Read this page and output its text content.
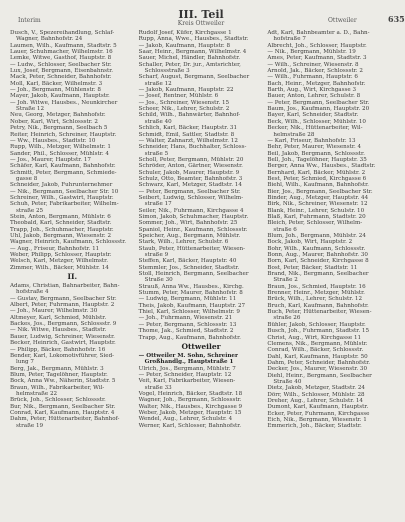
Interim	III. Teil
Kreis Ottweiler	Ottweiler	635
Dusch, V., Spezereihandlung, Schlaf-
Wagner, Bahnhofstr. 24
Laumen, Wilh., Kaufmann, Stadtstr. 5
Lauer, Schuhmacher, Wilhelmstr. 16
Lemke, Witwe, Gasthof, Hauptstr. 8
— Ludw., Schlosser, Seelbacher Str.
Lux, Josef, Bergmann, Eisenbahnstr.
Mack, Peter, Schneider, Bahnhofstr.
Moll, Karl, Bäcker, Wilhelmstr. 3
— Joh., Bergmann, Mühlenstr. 8
Mayer, Jakob, Kaufmann, Hauptstr.
— Joh. Witwe, Hausbes., Neunkircher
Straße 12
Neu, Georg, Metzger, Bahnhofstr.
Nober, Karl, Wirt, Schlossstr. 2
Petry, Nik., Bergmann, Seelbach 5
Reiter, Heinrich, Schreiner, Hauptstr.
— Ww., Hausbes., Stadtstr. 10
Rupp, Wilh., Metzger, Wilhelmstr. 1
Sander, Phil., Schlosser, Mühlstr. 4
— Jos., Maurer, Hauptstr. 17
Schäfer, Karl, Kaufmann, Bahnhofstr.
Schmitt, Peter, Bergmann, Schmiede-
gasse 8
Schneider, Jakob, Fuhrunternehmer
— Nik., Bergmann, Seelbacher Str. 10
Schreiner, Wilh., Gastwirt, Hauptstr.
Schuh, Peter, Fabrikarbeiter, Wilhelm-
straße 25
Stein, Anton, Bergmann, Mühlstr. 6
Theobald, Karl, Schneider, Stadtstr.
Trapp, Joh., Schuhmacher, Hauptstr.
Uhl, Jakob, Bergmann, Wiesenstr. 2
Wagner, Heinrich, Kaufmann, Schlossstr.
— Aug., Friseur, Bahnhofstr. 11
Weber, Philipp, Schlosser, Hauptstr.
Welsch, Karl, Metzger, Wilhelmstr.
Zimmer, Wilh., Bäcker, Mühlstr. 14
II.
Adams, Christian, Bahnarbeiter, Bahn-
hofstraße 4
— Gustav, Bergmann, Seelbacher Str.
Albert, Peter, Fuhrmann, Hauptstr. 2
— Joh., Maurer, Wilhelmstr. 30
Altmeyer, Karl, Schmied, Mühlstr.
Backes, Jos., Bergmann, Schlossstr. 9
— Nik. Witwe, Hausbes., Stadtstr.
Bauer, Ludwig, Schreiner, Wiesenstr.
Becker, Heinrich, Gastwirt, Hauptstr.
— Philipp, Bäcker, Bahnhofstr. 16
Bender, Karl, Lokomotivführer, Sied-
lung 7
Berg, Jak., Bergmann, Mühlstr. 3
Blum, Peter, Tagelöhner, Hauptstr.
Bock, Anna Ww., Näherin, Stadtstr. 5
Braun, Wilh., Fabrikarbeiter, Wil-
helmstraße 22
Brück, Joh., Schlosser, Schlossstr.
Bur, Nik., Bergmann, Seelbacher Str.
Conrad, Karl, Kaufmann, Hauptstr. 4
Dahm, Peter, Hüttenarbeiter, Bahnhof-
straße 19
Rudolf Josef, Küfer, Kirchgasse 1
Rupp, Anna, Wwe., Hausbes., Stadtstr.
— Jakob, Kaufmann, Hauptstr. 8
Saar, Heinr., Bergmann, Wilhelmstr. 4
Sauer, Michel, Händler, Bahnhofstr.
Schaller, Peter, Dr. jur., Amtsrichter,
Schlossstraße 3
Scharf, August, Bergmann, Seelbacher
straße 12
— Jakob, Kaufmann, Hauptstr. 22
— Josef, Rentner, Mühlstr. 6
— Jos., Schreiner, Wiesenstr. 15
Scheer, Nik., Lehrer, Schulstr. 2
Schild, Wilh., Bahnwärter, Bahnhof-
straße 40
Schlich, Karl, Bäcker, Hauptstr. 31
Schmidt, Emil, Sattler, Stadtstr. 8
— Walter, Zahnarzt, Wilhelmstr. 12
Schneider, Hans, Buchhalter, Schloss-
straße 5
Scholl, Peter, Bergmann, Mühlstr. 20
Schröder, Anton, Gärtner, Wiesenstr.
Schuler, Jakob, Maurer, Hauptstr. 9
Schulz, Otto, Beamter, Bahnhofstr. 3
Schwarz, Karl, Metzger, Stadtstr. 14
— Peter, Bergmann, Seelbacher Str.
Seibert, Ludwig, Schlosser, Wilhelm-
straße 17
Seiler, Nik., Fuhrmann, Kirchgasse 4
Simon, Jakob, Schuhmacher, Hauptstr.
Sommer, Joh., Wirt, Bahnhofstr. 25
Spaniol, Heinr., Kaufmann, Schlossstr.
Speicher, Aug., Bergmann, Mühlstr.
Stark, Wilh., Lehrer, Schulstr. 6
Staub, Peter, Hüttenarbeiter, Wiesen-
straße 9
Steffen, Karl, Bäcker, Hauptstr. 40
Stemmler, Jos., Schneider, Stadtstr.
Stoll, Heinrich, Bergmann, Seelbacher
Straße 30
Strauß, Anna Ww., Hausbes., Kirchg.
Stumm, Peter, Maurer, Bahnhofstr. 8
— Ludwig, Bergmann, Mühlstr. 11
Theis, Jakob, Kaufmann, Hauptstr. 27
Thiel, Karl, Schlosser, Wilhelmstr. 9
— Joh., Fuhrmann, Wiesenstr. 21
— Peter, Bergmann, Schlossstr. 13
Thome, Jak., Schmied, Stadtstr. 2
Trapp, Aug., Kaufmann, Bahnhofstr.
Ottweiler
— Ottweiler M. Sohn, Schreiner
Großhandlg., Hauptstraße 1
Ulrich, Jos., Bergmann, Mühlstr. 7
— Peter, Schneider, Hauptstr. 12
Veit, Karl, Fabrikarbeiter, Wiesen-
straße 33
Vogel, Heinrich, Bäcker, Stadtstr. 18
Wagner, Joh., Bergmann, Schlossstr.
Walter, Nik., Hausbes., Kirchgasse 9
Weber, Jakob, Metzger, Hauptstr. 15
Wendel, Aug., Lehrer, Schulstr. 4
Werner, Karl, Schlosser, Bahnhofstr.
Adt, Karl, Bahnbeamter a. D., Bahn-
hofstraße 7
Albrecht, Joh., Schlosser, Hauptstr.
— Nik., Bergmann, Mühlstr. 19
Ames, Peter, Kaufmann, Stadtstr. 3
— Wilh., Schreiner, Wiesenstr. 8
Arnold, Jak., Bäcker, Schlossstr. 2
— Wilh., Fuhrmann, Hauptstr. 6
Bach, Heinr., Metzger, Bahnhofstr.
Barth, Aug., Wirt, Kirchgasse 3
Bauer, Anton, Lehrer, Schulstr. 8
— Peter, Bergmann, Seelbacher Str.
Baum, Jos., Kaufmann, Hauptstr. 20
Bayer, Karl, Schneider, Stadtstr.
Beck, Wilh., Schlosser, Mühlstr. 10
Becker, Nik., Hüttenarbeiter, Wil-
helmstraße 28
— Karl, Friseur, Bahnhofstr. 13
Behr, Peter, Maurer, Wiesenstr. 4
Beil, Jakob, Bergmann, Schlossstr.
Bell, Joh., Tagelöhner, Hauptstr. 35
Berger, Anna Ww., Hausbes., Stadtstr.
Bernhard, Karl, Bäcker, Mühlstr. 2
Best, Peter, Schmied, Kirchgasse 6
Biehl, Wilh., Kaufmann, Bahnhofstr.
Bier, Jos., Bergmann, Seelbacher Str.
Binder, Aug., Metzger, Hauptstr. 44
Birk, Nik., Schreiner, Wiesenstr. 12
Blank, Heinr., Lehrer, Schulstr. 10
Blaß, Karl, Fuhrmann, Stadtstr. 20
Bleich, Peter, Schlosser, Wilhelm-
straße 6
Blum, Joh., Bergmann, Mühlstr. 24
Bock, Jakob, Wirt, Hauptstr. 2
Bohr, Wilh., Kaufmann, Schlossstr.
Bonn, Aug., Maurer, Bahnhofstr. 30
Born, Karl, Schneider, Kirchgasse 8
Bost, Peter, Bäcker, Stadtstr. 11
Brand, Nik., Bergmann, Seelbacher
Straße 2
Braun, Jos., Schmied, Hauptstr. 16
Brenner, Heinr., Metzger, Mühlstr.
Brück, Wilh., Lehrer, Schulstr. 12
Bruch, Karl, Kaufmann, Bahnhofstr.
Buch, Peter, Hüttenarbeiter, Wiesen-
straße 26
Bühler, Jakob, Schlosser, Hauptstr.
Busch, Joh., Fuhrmann, Stadtstr. 15
Christ, Aug., Wirt, Kirchgasse 11
Clemens, Nik., Bergmann, Mühlstr.
Conrad, Wilh., Bäcker, Schlossstr.
Dahl, Karl, Kaufmann, Hauptstr. 50
Dahm, Peter, Schneider, Bahnhofstr.
Decker, Jos., Maurer, Wiesenstr. 30
Diehl, Heinr., Bergmann, Seelbacher
Straße 40
Dietz, Jakob, Metzger, Stadtstr. 24
Dörr, Wilh., Schlosser, Mühlstr. 28
Dreher, Aug., Lehrer, Schulstr. 14
Dumont, Karl, Kaufmann, Hauptstr.
Ecker, Peter, Fuhrmann, Kirchgasse
Eich, Nik., Bergmann, Wiesenstr. 1
Emmerich, Joh., Bäcker, Stadtstr.
